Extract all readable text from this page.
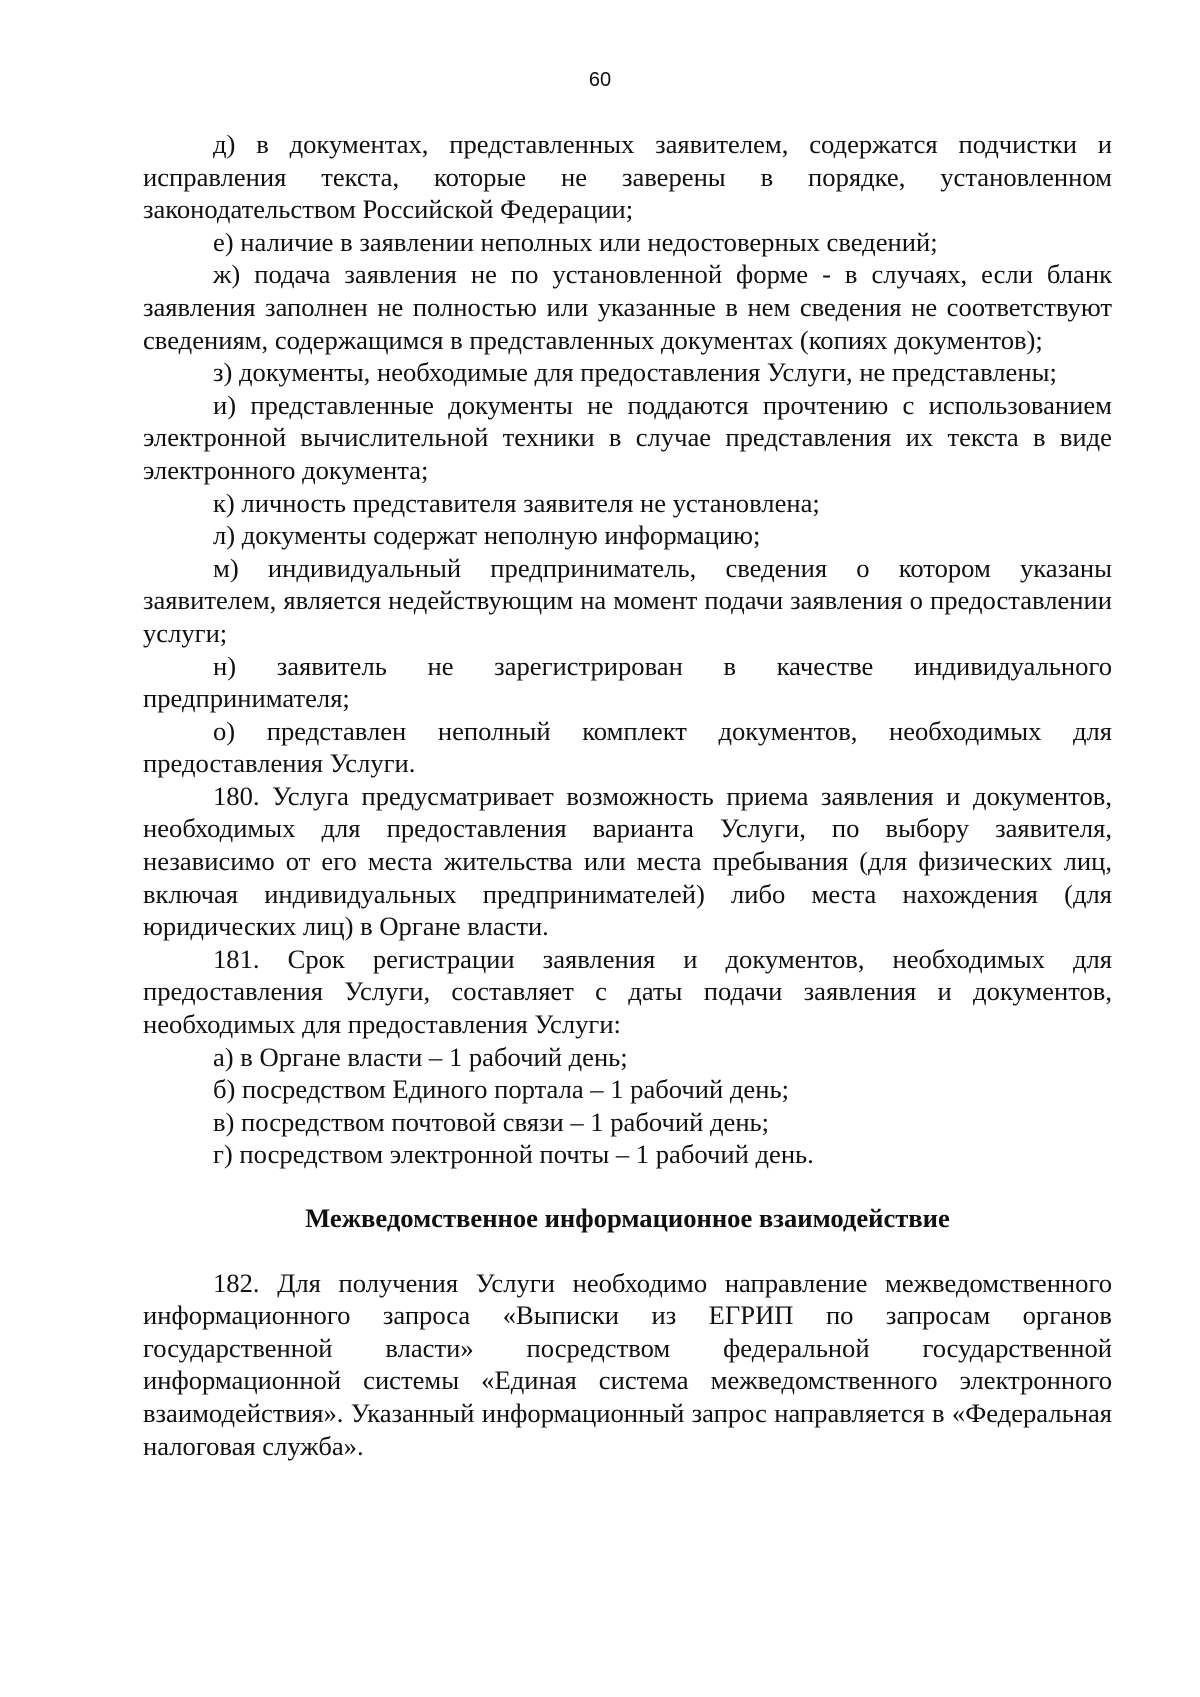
60

д) в документах, представленных заявителем, содержатся подчистки и исправления текста, которые не заверены в порядке, установленном законодательством Российской Федерации;

е) наличие в заявлении неполных или недостоверных сведений;

ж) подача заявления не по установленной форме - в случаях, если бланк заявления заполнен не полностью или указанные в нем сведения не соответствуют сведениям, содержащимся в представленных документах (копиях документов);

з) документы, необходимые для предоставления Услуги, не представлены;

и) представленные документы не поддаются прочтению с использованием электронной вычислительной техники в случае представления их текста в виде электронного документа;

к) личность представителя заявителя не установлена;

л) документы содержат неполную информацию;

м) индивидуальный предприниматель, сведения о котором указаны заявителем, является недействующим на момент подачи заявления о предоставлении услуги;

н) заявитель не зарегистрирован в качестве индивидуального предпринимателя;

о) представлен неполный комплект документов, необходимых для предоставления Услуги.

180. Услуга предусматривает возможность приема заявления и документов, необходимых для предоставления варианта Услуги, по выбору заявителя, независимо от его места жительства или места пребывания (для физических лиц, включая индивидуальных предпринимателей) либо места нахождения (для юридических лиц) в Органе власти.

181. Срок регистрации заявления и документов, необходимых для предоставления Услуги, составляет с даты подачи заявления и документов, необходимых для предоставления Услуги:

а) в Органе власти – 1 рабочий день;

б) посредством Единого портала – 1 рабочий день;

в) посредством почтовой связи – 1 рабочий день;

г) посредством электронной почты – 1 рабочий день.

Межведомственное информационное взаимодействие

182. Для получения Услуги необходимо направление межведомственного информационного запроса «Выписки из ЕГРИП по запросам органов государственной власти» посредством федеральной государственной информационной системы «Единая система межведомственного электронного взаимодействия». Указанный информационный запрос направляется в «Федеральная налоговая служба».
